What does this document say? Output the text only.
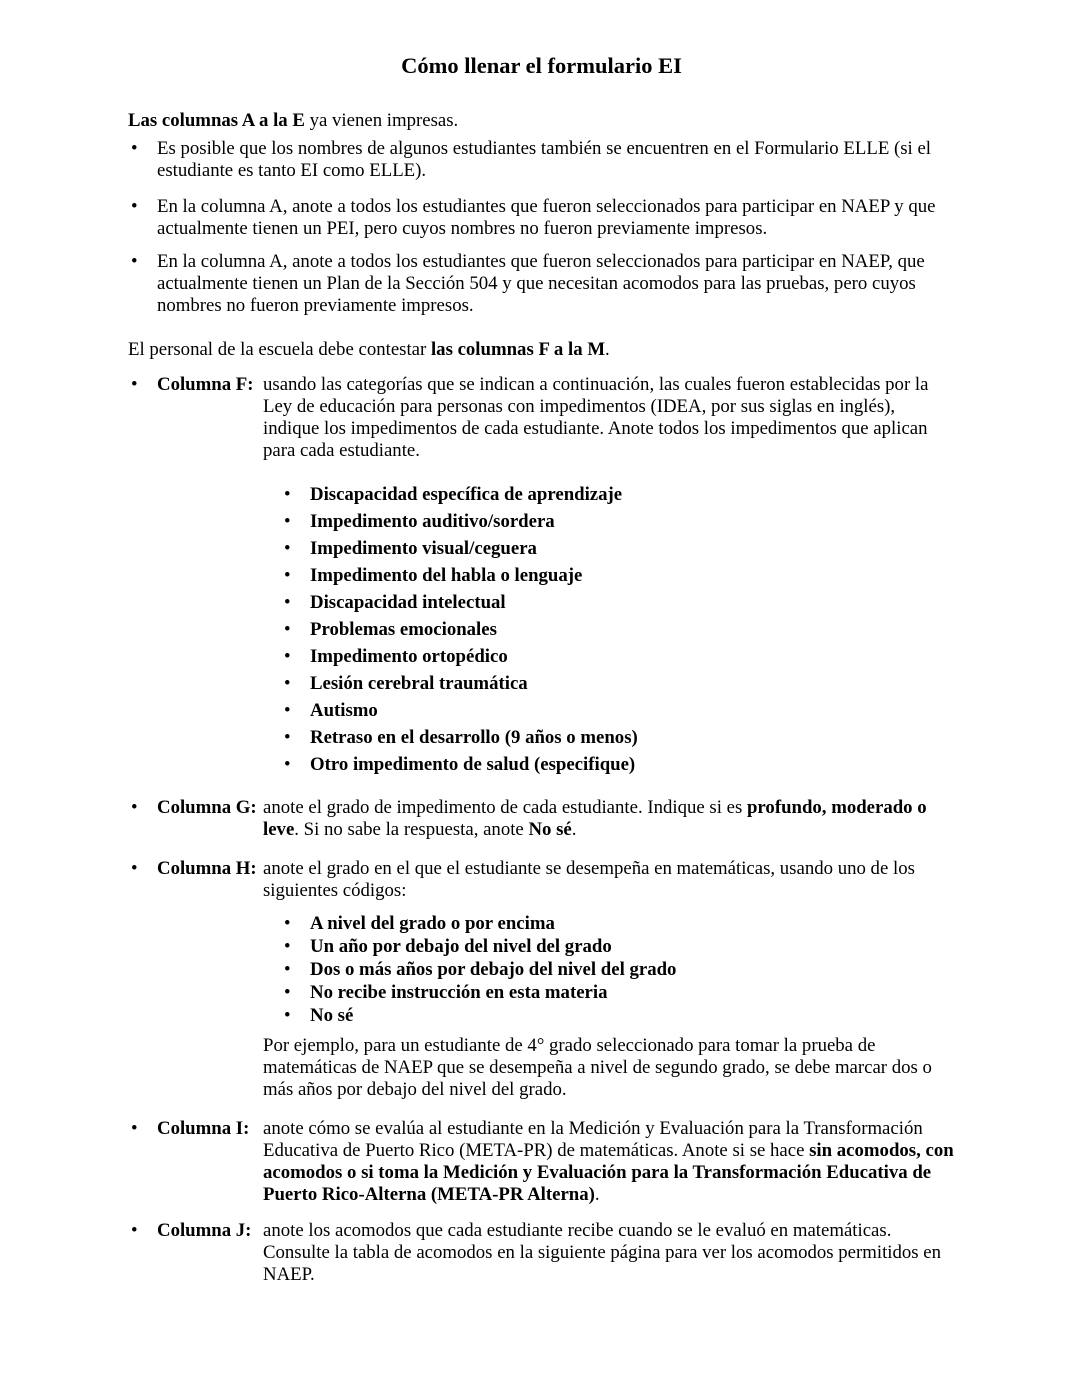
Cómo llenar el formulario EI

Las columnas A a la E ya vienen impresas.

•	Es posible que los nombres de algunos estudiantes también se encuentren en el Formulario ELLE (si el estudiante es tanto EI como ELLE).
•	En la columna A, anote a todos los estudiantes que fueron seleccionados para participar en NAEP y que actualmente tienen un PEI, pero cuyos nombres no fueron previamente impresos.
•	En la columna A, anote a todos los estudiantes que fueron seleccionados para participar en NAEP, que actualmente tienen un Plan de la Sección 504 y que necesitan acomodos para las pruebas, pero cuyos nombres no fueron previamente impresos.

El personal de la escuela debe contestar las columnas F a la M.

•	Columna F: usando las categorías que se indican a continuación, las cuales fueron establecidas por la Ley de educación para personas con impedimentos (IDEA, por sus siglas en inglés), indique los impedimentos de cada estudiante. Anote todos los impedimentos que aplican para cada estudiante.
•	Discapacidad específica de aprendizaje
•	Impedimento auditivo/sordera
•	Impedimento visual/ceguera
•	Impedimento del habla o lenguaje
•	Discapacidad intelectual
•	Problemas emocionales
•	Impedimento ortopédico
•	Lesión cerebral traumática
•	Autismo
•	Retraso en el desarrollo (9 años o menos)
•	Otro impedimento de salud (especifique)
•	Columna G: anote el grado de impedimento de cada estudiante. Indique si es profundo, moderado o leve. Si no sabe la respuesta, anote No sé.
•	Columna H: anote el grado en el que el estudiante se desempeña en matemáticas, usando uno de los siguientes códigos:
•	A nivel del grado o por encima
•	Un año por debajo del nivel del grado
•	Dos o más años por debajo del nivel del grado
•	No recibe instrucción en esta materia
•	No sé

Por ejemplo, para un estudiante de 4° grado seleccionado para tomar la prueba de matemáticas de NAEP que se desempeña a nivel de segundo grado, se debe marcar dos o más años por debajo del nivel del grado.

•	Columna I: anote cómo se evalúa al estudiante en la Medición y Evaluación para la Transformación Educativa de Puerto Rico (META-PR) de matemáticas. Anote si se hace sin acomodos, con acomodos o si toma la Medición y Evaluación para la Transformación Educativa de Puerto Rico-Alterna (META-PR Alterna).
•	Columna J: anote los acomodos que cada estudiante recibe cuando se le evaluó en matemáticas. Consulte la tabla de acomodos en la siguiente página para ver los acomodos permitidos en NAEP.
